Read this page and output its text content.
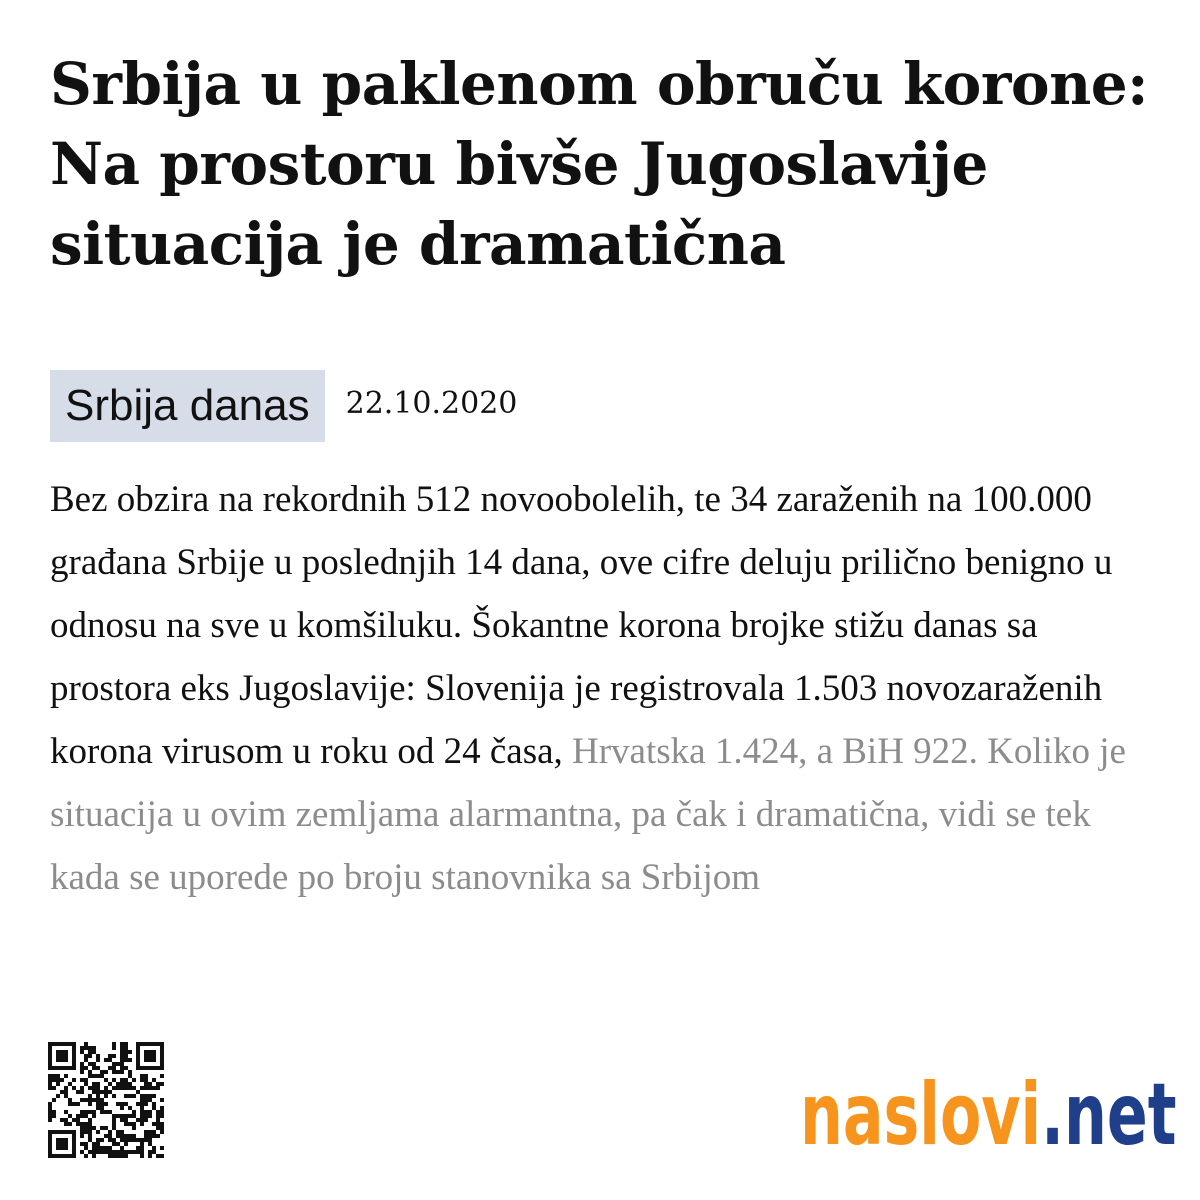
Srbija u paklenom obruču korone: Na prostoru bivše Jugoslavije situacija je dramatična
Srbija danas	22.10.2020

Bez obzira na rekordnih 512 novoobolelih, te 34 zaraženih na 100.000 građana Srbije u poslednjih 14 dana, ove cifre deluju prilično benigno u odnosu na sve u komšiluku. Šokantne korona brojke stižu danas sa prostora eks Jugoslavije: Slovenija je registrovala 1.503 novozaraženih korona virusom u roku od 24 časa, Hrvatska 1.424, a BiH 922. Koliko je situacija u ovim zemljama alarmantna, pa čak i dramatična, vidi se tek kada se uporede po broju stanovnika sa Srbijom

naslovi.net
